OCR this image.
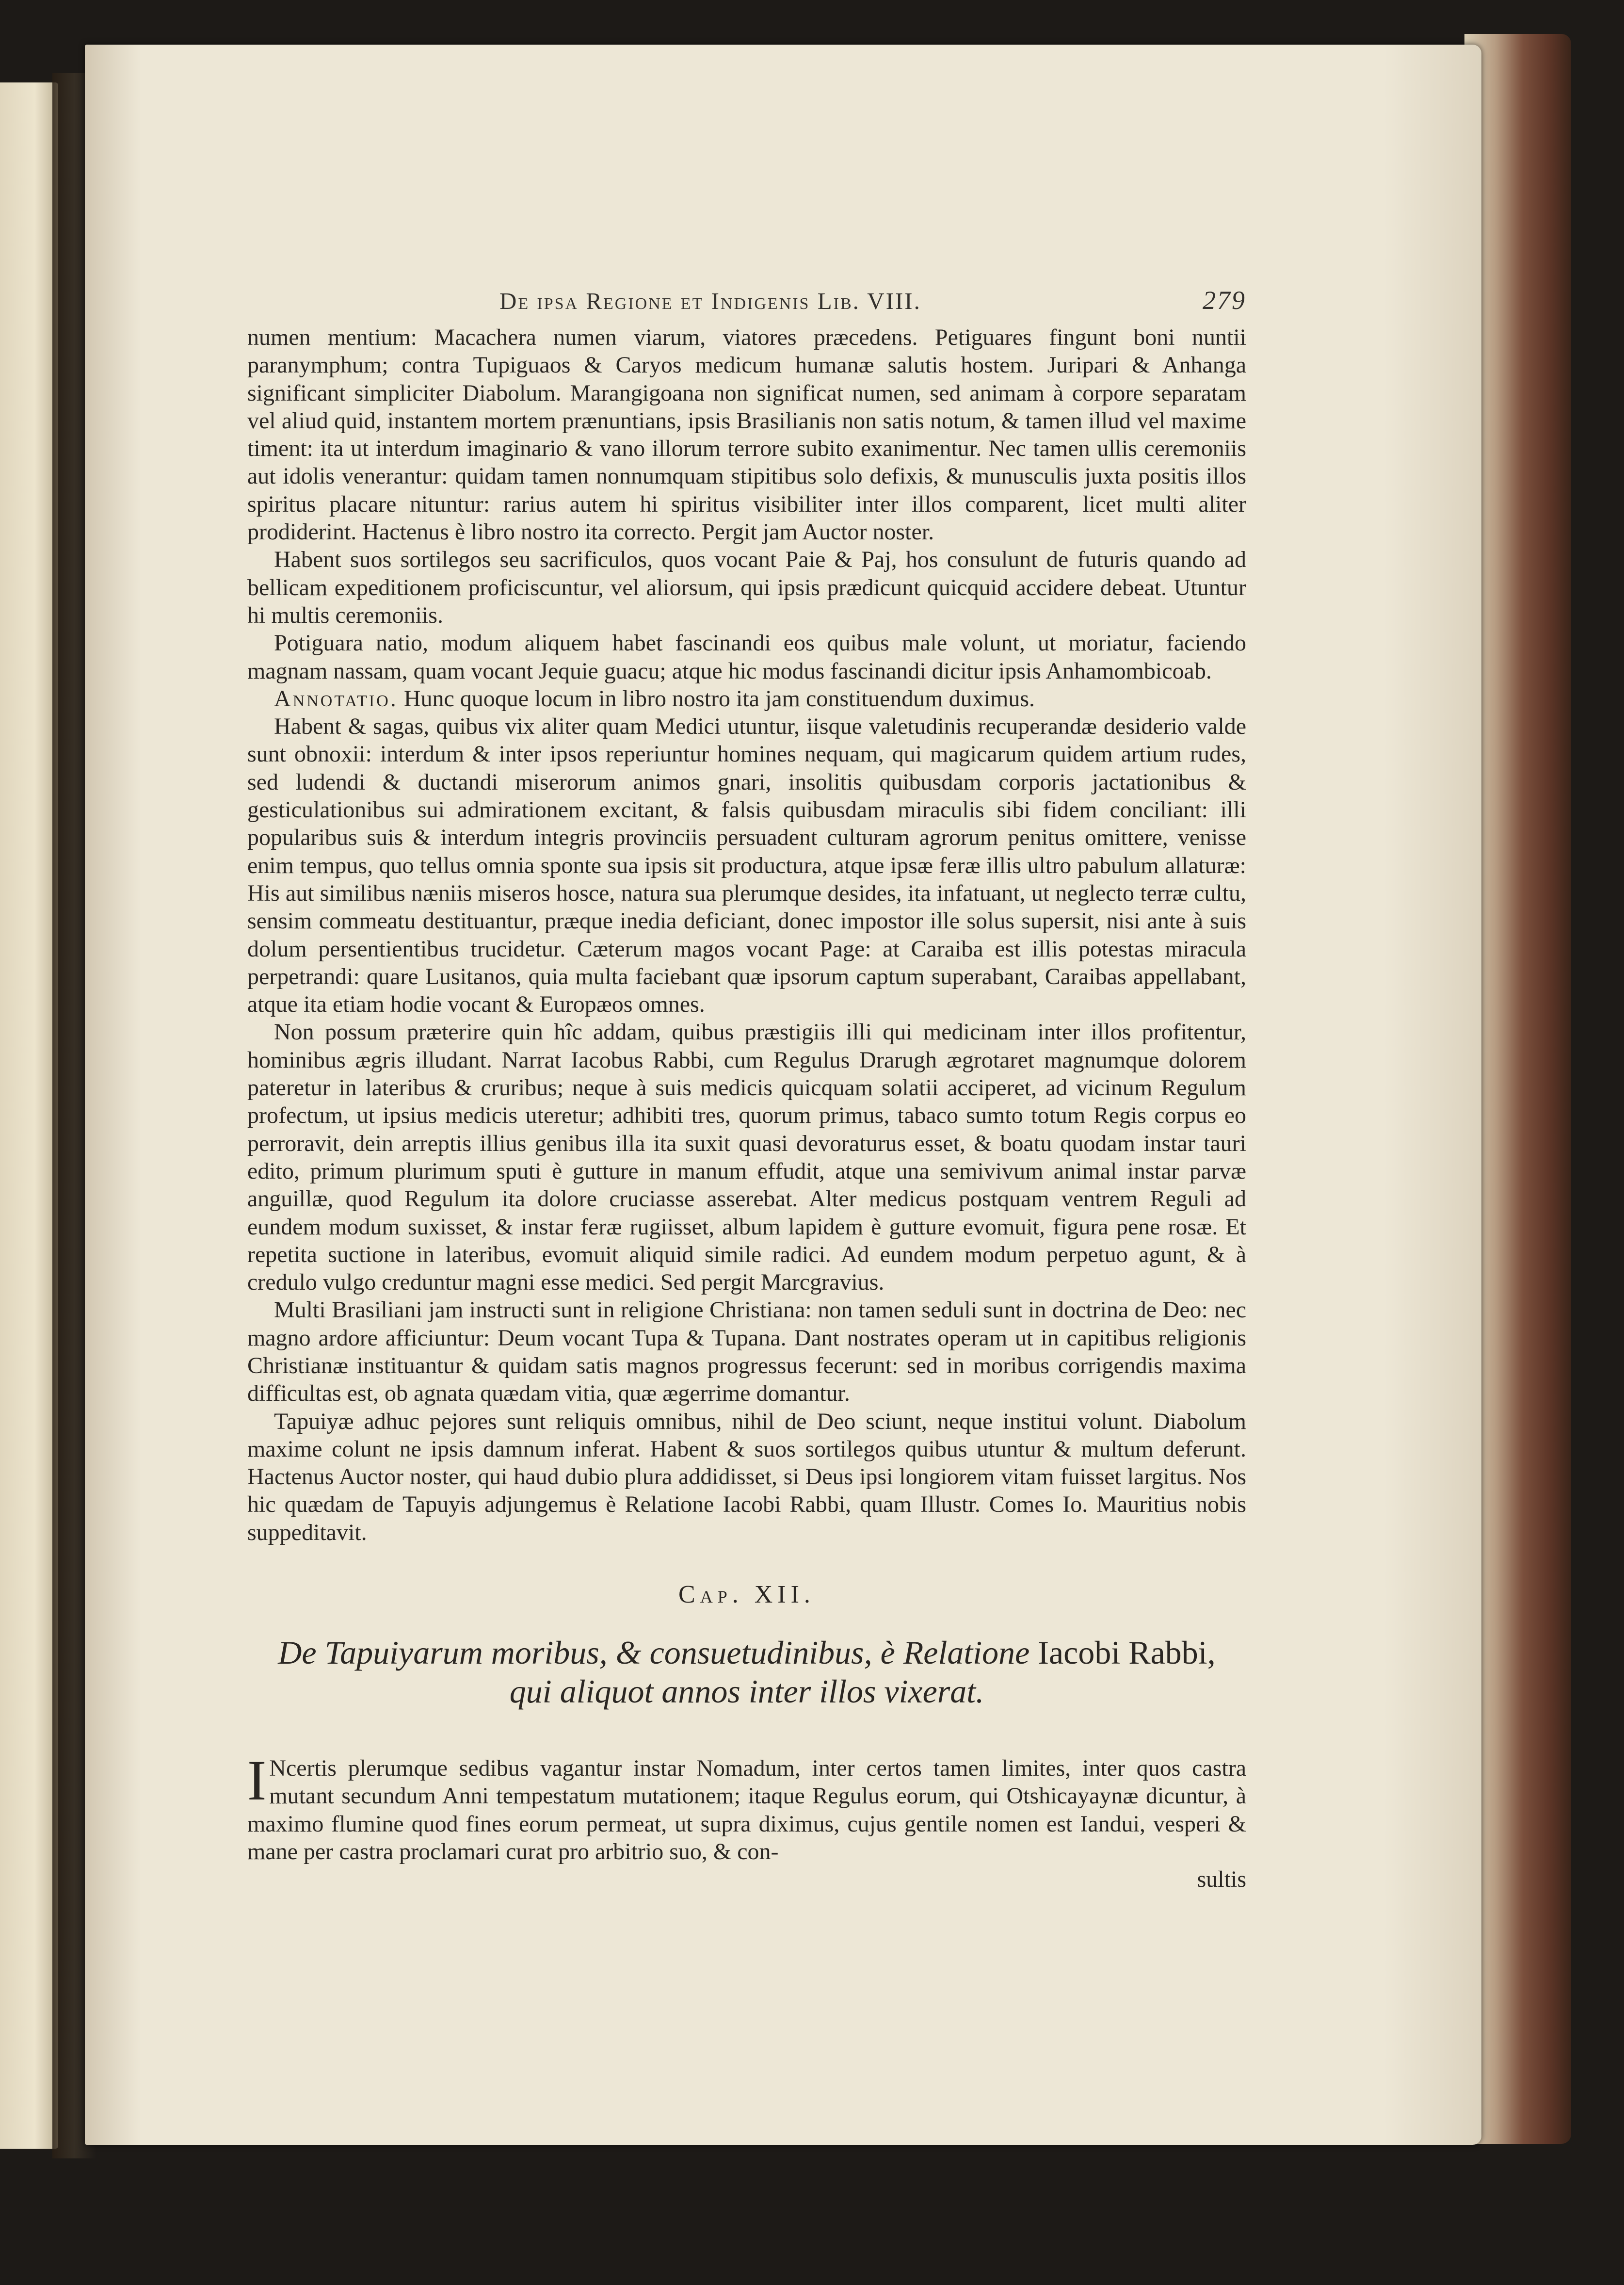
De ipsa Regione et Indigenis Lib. VIII.	279

numen mentium: Macachera numen viarum, viatores præcedens. Petiguares fingunt boni nuntii paranymphum; contra Tupiguaos & Caryos medicum humanæ salutis hostem. Juripari & Anhanga significant simpliciter Diabolum. Marangigoana non significat numen, sed animam à corpore separatam vel aliud quid, instantem mortem prænuntians, ipsis Brasilianis non satis notum, & tamen illud vel maxime timent: ita ut interdum imaginario & vano illorum terrore subito exanimentur. Nec tamen ullis ceremoniis aut idolis venerantur: quidam tamen nonnumquam stipitibus solo defixis, & munusculis juxta positis illos spiritus placare nituntur: rarius autem hi spiritus visibiliter inter illos comparent, licet multi aliter prodiderint. Hactenus è libro nostro ita correcto. Pergit jam Auctor noster.

Habent suos sortilegos seu sacrificulos, quos vocant Paie & Paj, hos consulunt de futuris quando ad bellicam expeditionem proficiscuntur, vel aliorsum, qui ipsis prædicunt quicquid accidere debeat. Utuntur hi multis ceremoniis.

Potiguara natio, modum aliquem habet fascinandi eos quibus male volunt, ut moriatur, faciendo magnam nassam, quam vocant Jequie guacu; atque hic modus fascinandi dicitur ipsis Anhamombicoab.

Annotatio. Hunc quoque locum in libro nostro ita jam constituendum duximus.

Habent & sagas, quibus vix aliter quam Medici utuntur, iisque valetudinis recuperandæ desiderio valde sunt obnoxii: interdum & inter ipsos reperiuntur homines nequam, qui magicarum quidem artium rudes, sed ludendi & ductandi miserorum animos gnari, insolitis quibusdam corporis jactationibus & gesticulationibus sui admirationem excitant, & falsis quibusdam miraculis sibi fidem conciliant: illi popularibus suis & interdum integris provinciis persuadent culturam agrorum penitus omittere, venisse enim tempus, quo tellus omnia sponte sua ipsis sit productura, atque ipsæ feræ illis ultro pabulum allaturæ: His aut similibus næniis miseros hosce, natura sua plerumque desides, ita infatuant, ut neglecto terræ cultu, sensim commeatu destituantur, præque inedia deficiant, donec impostor ille solus supersit, nisi ante à suis dolum persentientibus trucidetur. Cæterum magos vocant Page: at Caraiba est illis potestas miracula perpetrandi: quare Lusitanos, quia multa faciebant quæ ipsorum captum superabant, Caraibas appellabant, atque ita etiam hodie vocant & Europæos omnes.

Non possum præterire quin hîc addam, quibus præstigiis illi qui medicinam inter illos profitentur, hominibus ægris illudant. Narrat Iacobus Rabbi, cum Regulus Drarugh ægrotaret magnumque dolorem pateretur in lateribus & cruribus; neque à suis medicis quicquam solatii acciperet, ad vicinum Regulum profectum, ut ipsius medicis uteretur; adhibiti tres, quorum primus, tabaco sumto totum Regis corpus eo perroravit, dein arreptis illius genibus illa ita suxit quasi devoraturus esset, & boatu quodam instar tauri edito, primum plurimum sputi è gutture in manum effudit, atque una semivivum animal instar parvæ anguillæ, quod Regulum ita dolore cruciasse asserebat. Alter medicus postquam ventrem Reguli ad eundem modum suxisset, & instar feræ rugiisset, album lapidem è gutture evomuit, figura pene rosæ. Et repetita suctione in lateribus, evomuit aliquid simile radici. Ad eundem modum perpetuo agunt, & à credulo vulgo creduntur magni esse medici. Sed pergit Marcgravius.

Multi Brasiliani jam instructi sunt in religione Christiana: non tamen seduli sunt in doctrina de Deo: nec magno ardore afficiuntur: Deum vocant Tupa & Tupana. Dant nostrates operam ut in capitibus religionis Christianæ instituantur & quidam satis magnos progressus fecerunt: sed in moribus corrigendis maxima difficultas est, ob agnata quædam vitia, quæ ægerrime domantur.

Tapuiyæ adhuc pejores sunt reliquis omnibus, nihil de Deo sciunt, neque institui volunt. Diabolum maxime colunt ne ipsis damnum inferat. Habent & suos sortilegos quibus utuntur & multum deferunt. Hactenus Auctor noster, qui haud dubio plura addidisset, si Deus ipsi longiorem vitam fuisset largitus. Nos hic quædam de Tapuyis adjungemus è Relatione Iacobi Rabbi, quam Illustr. Comes Io. Mauritius nobis suppeditavit.

Cap. XII.
De Tapuiyarum moribus, & consuetudinibus, è Relatione Iacobi Rabbi,
qui aliquot annos inter illos vixerat.

I Ncertis plerumque sedibus vagantur instar Nomadum, inter certos tamen limites, inter quos castra mutant secundum Anni tempestatum mutationem; itaque Regulus eorum, qui Otshicayaynæ dicuntur, à maximo flumine quod fines eorum permeat, ut supra diximus, cujus gentile nomen est Iandui, vesperi & mane per castra proclamari curat pro arbitrio suo, & con-

sultis
